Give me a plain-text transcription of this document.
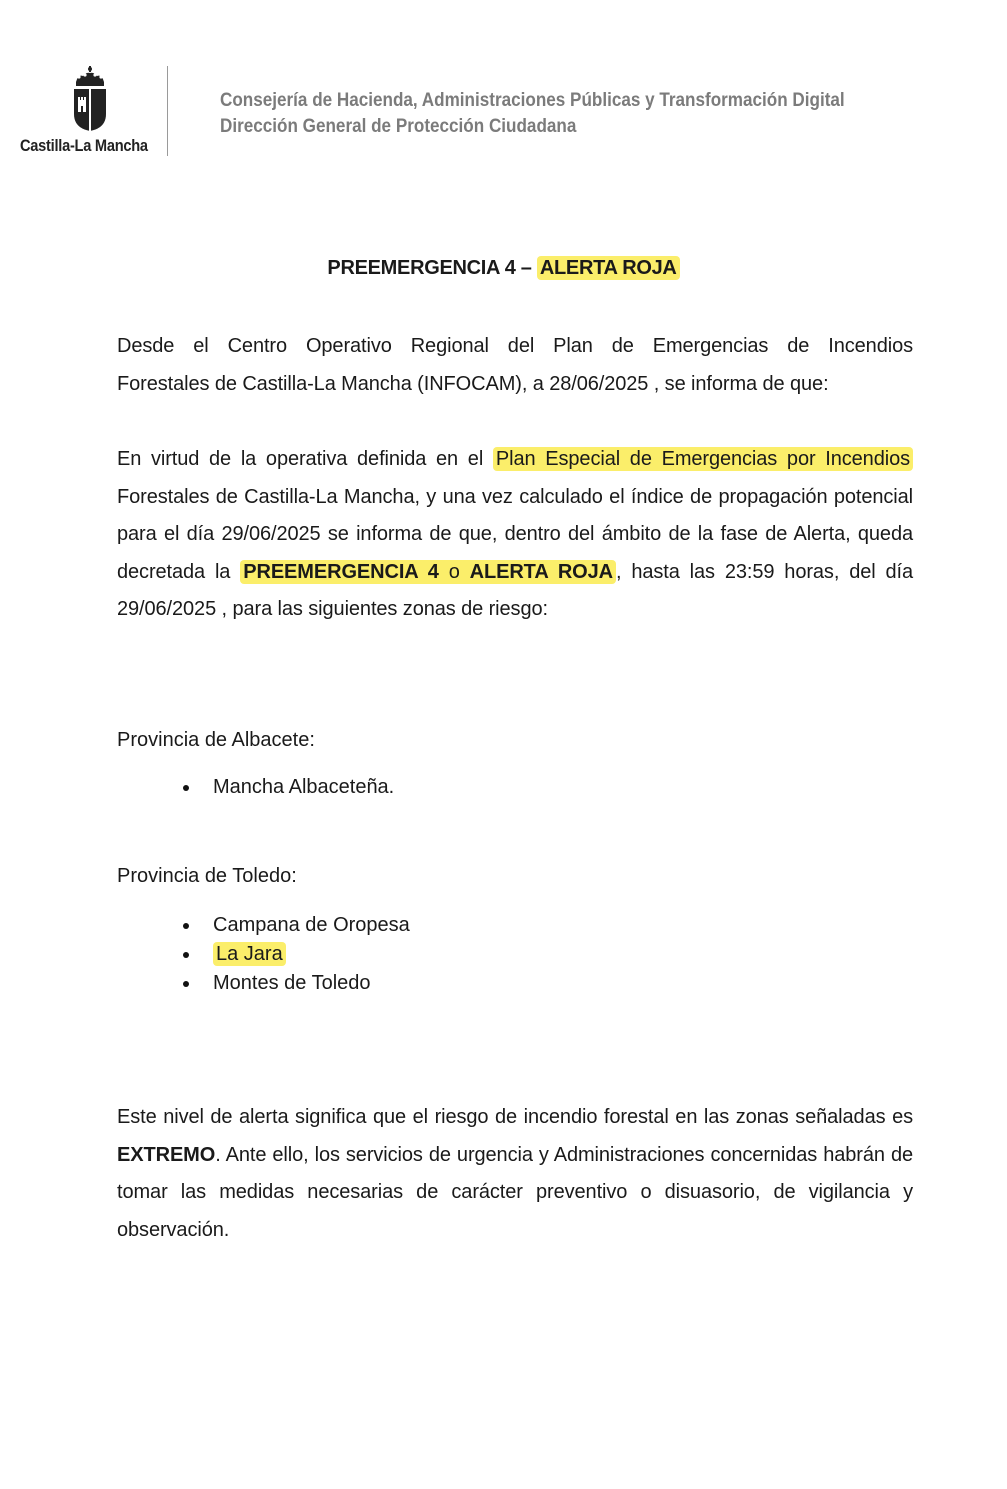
Castilla-La Mancha
Consejería de Hacienda, Administraciones Públicas y Transformación Digital
Dirección General de Protección Ciudadana
PREEMERGENCIA 4 – ALERTA ROJA
Desde el Centro Operativo Regional del Plan de Emergencias de Incendios
Forestales de Castilla-La Mancha (INFOCAM), a 28/06/2025 , se informa de que:
En virtud de la operativa definida en el Plan Especial de Emergencias por Incendios Forestales de Castilla-La Mancha, y una vez calculado el índice de propagación potencial para el día 29/06/2025 se informa de que, dentro del ámbito de la fase de Alerta, queda decretada la PREEMERGENCIA 4 o ALERTA ROJA , hasta las 23:59 horas, del día 29/06/2025 , para las siguientes zonas de riesgo:
Provincia de Albacete:
Mancha Albaceteña.
Provincia de Toledo:
Campana de Oropesa
La Jara
Montes de Toledo
Este nivel de alerta significa que el riesgo de incendio forestal en las zonas señaladas es EXTREMO. Ante ello, los servicios de urgencia y Administraciones concernidas habrán de tomar las medidas necesarias de carácter preventivo o disuasorio, de vigilancia y observación.
